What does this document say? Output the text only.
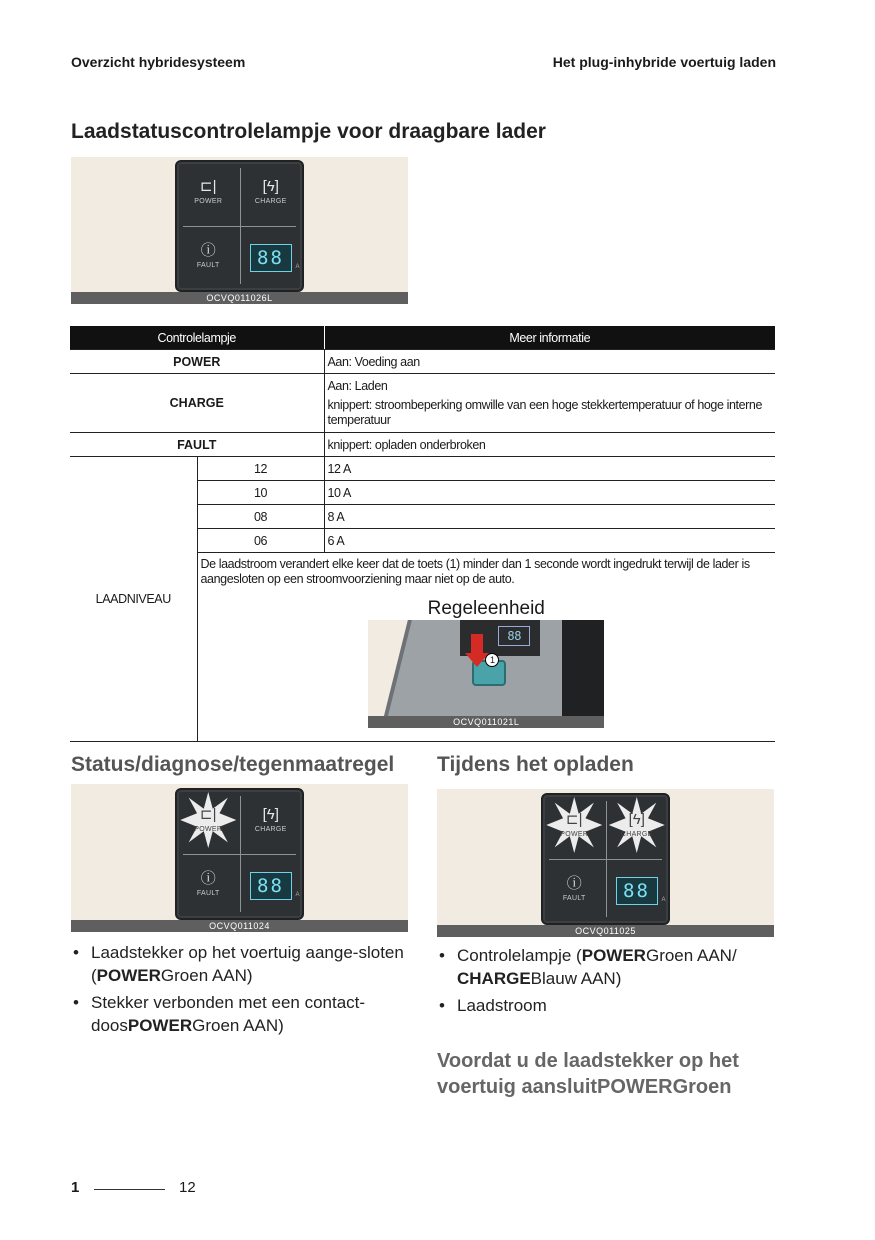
Overzicht hybridesysteem	Het plug-inhybride voertuig laden
Laadstatuscontrolelampje voor draagbare lader
⊏|
POWER
[ϟ]
CHARGE
ⓘ
FAULT	88	A
OCVQ011026L
Controlelampje		Meer informatie
POWER		Aan: Voeding aan
CHARGE		Aan: Laden
knippert: stroombeperking omwille van een hoge stekkertemperatuur of hoge interne temperatuur

FAULT		knippert: opladen onderbroken
LAADNIVEAU	12	12 A
	10	10 A
	08	8 A
	06	6 A

	De laadstroom verandert elke keer dat de toets (1) minder dan 1 seconde wordt ingedrukt terwijl de lader is aangesloten op een stroomvoorziening maar niet op de auto.
Regeleenheid
88
1
OCVQ011021L	
Status/diagnose/tegenmaatregel
⊏|
POWER
[ϟ]
CHARGE
ⓘ
FAULT	88	A
OCVQ011024
• Laadstekker op het voertuig aange-sloten (POWERGroen AAN)
• Stekker verbonden met een contact-doosPOWERGroen AAN)
Tijdens het opladen
⊏|
POWER
[ϟ]
CHARGE
ⓘ
FAULT	88	A
OCVQ011025
• Controlelampje (POWERGroen AAN/ CHARGEBlauw AAN)
• Laadstroom
Voordat u de laadstekker op het voertuig aansluitPOWERGroen
1	12
